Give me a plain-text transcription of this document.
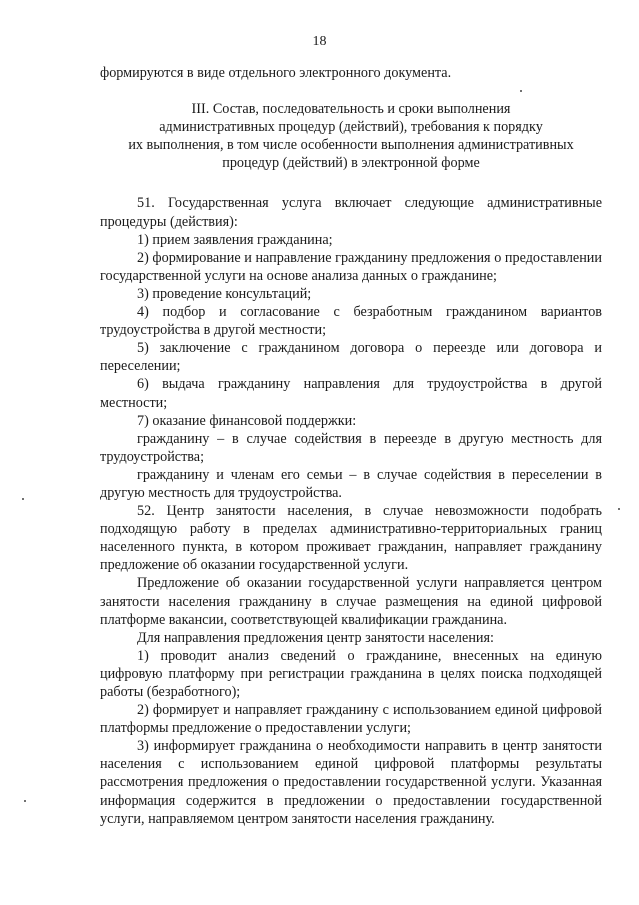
18

формируются в виде отдельного электронного документа.

III. Состав, последовательность и сроки выполнения
административных процедур (действий), требования к порядку
их выполнения, в том числе особенности выполнения административных
процедур (действий) в электронной форме

51. Государственная услуга включает следующие административные процедуры (действия):

1) прием заявления гражданина;

2) формирование и направление гражданину предложения о предоставлении государственной услуги на основе анализа данных о гражданине;

3) проведение консультаций;

4) подбор и согласование с безработным гражданином вариантов трудоустройства в другой местности;

5) заключение с гражданином договора о переезде или договора и переселении;

6) выдача гражданину направления для трудоустройства в другой местности;

7) оказание финансовой поддержки:

гражданину – в случае содействия в переезде в другую местность для трудоустройства;

гражданину и членам его семьи – в случае содействия в переселении в другую местность для трудоустройства.

52. Центр занятости населения, в случае невозможности подобрать подходящую работу в пределах административно-территориальных границ населенного пункта, в котором проживает гражданин, направляет гражданину предложение об оказании государственной услуги.

Предложение об оказании государственной услуги направляется центром занятости населения гражданину в случае размещения на единой цифровой платформе вакансии, соответствующей квалификации гражданина.

Для направления предложения центр занятости населения:

1) проводит анализ сведений о гражданине, внесенных на единую цифровую платформу при регистрации гражданина в целях поиска подходящей работы (безработного);

2) формирует и направляет гражданину с использованием единой цифровой платформы предложение о предоставлении услуги;

3) информирует гражданина о необходимости направить в центр занятости населения с использованием единой цифровой платформы результаты рассмотрения предложения о предоставлении государственной услуги. Указанная информация содержится в предложении о предоставлении государственной услуги, направляемом центром занятости населения гражданину.
